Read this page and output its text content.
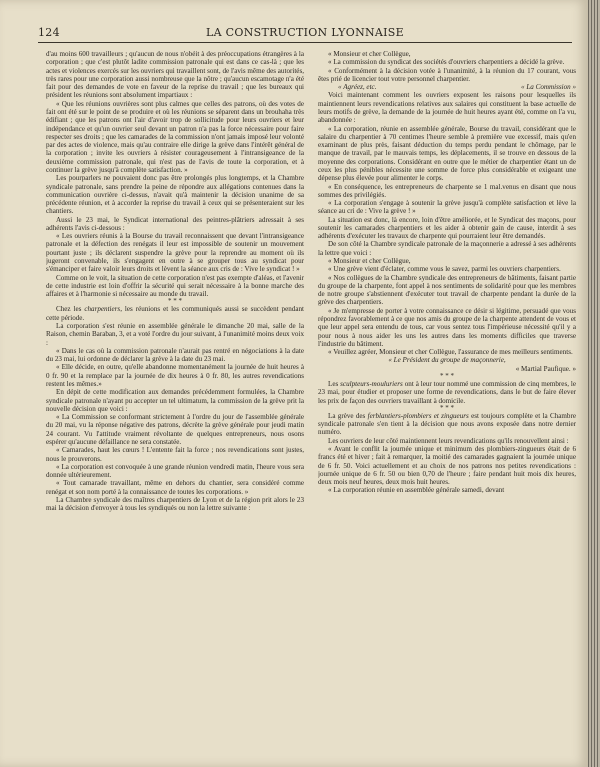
124	LA CONSTRUCTION LYONNAISE

d'au moins 600 travailleurs ; qu'aucun de nous n'obéit à des préoccupations étrangères à la corporation ; que c'est plutôt ladite commission patronale qui est dans ce cas-là ; que les actes et violences exercés sur les ouvriers qui travaillent sont, de l'avis même des autorités, très rares pour une corporation aussi nombreuse que la nôtre ; qu'aucun escamotage n'a été fait pour des demandes de vote en faveur de la reprise du travail ; que les bureaux qui président les réunions sont absolument impartiaux :

« Que les réunions ouvrières sont plus calmes que celles des patrons, où des votes de fait ont été sur le point de se produire et où les réunions se séparent dans un brouhaha très édifiant ; que les patrons ont l'air d'avoir trop de sollicitude pour leurs ouvriers et leur indépendance et qu'un ouvrier seul devant un patron n'a pas la force nécessaire pour faire respecter ses droits ; que les camarades de la commission n'ont jamais imposé leur volonté par des actes de violence, mais qu'au contraire elle dirige la grève dans l'intérêt général de la corporation ; invite les ouvriers à résister courageusement à l'intransigeance de la deuxième commission patronale, qui n'est pas de l'avis de toute la corporation, et à continuer la grève jusqu'à complète satisfaction. »

Les pourparlers ne pouvaient donc pas être prolongés plus longtemps, et la Chambre syndicale patronale, sans prendre la peine de répondre aux allégations contenues dans la communication ouvrière ci-dessus, n'avait qu'à maintenir la décision unanime de sa précédente réunion, et à accorder la reprise du travail à ceux qui se présenteraient sur les chantiers.

Aussi le 23 mai, le Syndicat international des peintres-plâtriers adressait à ses adhérents l'avis ci-dessous :

« Les ouvriers réunis à la Bourse du travail reconnaissent que devant l'intransigeance patronale et la défection des renégats il leur est impossible de soutenir un mouvement pourtant juste ; ils déclarent suspendre la grève pour la reprendre au moment où ils jugeront convenable, ils s'engagent en outre à se grouper tous au syndicat pour s'émanciper et faire valoir leurs droits et lèvent la séance aux cris de : Vive le syndicat ! »

Comme on le voit, la situation de cette corporation n'est pas exempte d'aléas, et l'avenir de cette industrie est loin d'offrir la sécurité qui serait nécessaire à la bonne marche des affaires et à l'harmonie si nécessaire au monde du travail.

* * *

Chez les charpentiers, les réunions et les communiqués aussi se succèdent pendant cette période.

La corporation s'est réunie en assemblée générale le dimanche 20 mai, salle de la Raison, chemin Baraban, 3, et a voté l'ordre du jour suivant, à l'unanimité moins deux voix :

« Dans le cas où la commission patronale n'aurait pas rentré en négociations à la date du 23 mai, lui ordonne de déclarer la grève à la date du 23 mai.

« Elle décide, en outre, qu'elle abandonne momentanément la journée de huit heures à 0 fr. 90 et la remplace par la journée de dix heures à 0 fr. 80, les autres revendications restent les mêmes.»

En dépit de cette modification aux demandes précédemment formulées, la Chambre syndicale patronale n'ayant pu accepter un tel ultimatum, la commission de la grève prit la nouvelle décision que voici :

« La Commission se conformant strictement à l'ordre du jour de l'assemblée générale du 20 mai, vu la réponse négative des patrons, décrète la grève générale pour jeudi matin 24 courant. Vu l'attitude vraiment révoltante de quelques entrepreneurs, nous osons espérer qu'aucune défaillance ne sera constatée.

« Camarades, haut les cœurs ! L'entente fait la force ; nos revendications sont justes, nous le prouverons.

« La corporation est convoquée à une grande réunion vendredi matin, l'heure vous sera donnée ultérieurement.

« Tout camarade travaillant, même en dehors du chantier, sera considéré comme renégat et son nom porté à la connaissance de toutes les corporations. »

La Chambre syndicale des maîtres charpentiers de Lyon et de la région prit alors le 23 mai la décision d'envoyer à tous les syndiqués ou non la lettre suivante :

« Monsieur et cher Collègue,

« La commission du syndicat des sociétés d'ouvriers charpentiers a décidé la grève.

« Conformément à la décision votée à l'unanimité, à la réunion du 17 courant, vous êtes prié de licencier tout votre personnel charpentier.

« Agréez, etc.	« La Commission »

Voici maintenant comment les ouvriers exposent les raisons pour lesquelles ils maintiennent leurs revendications relatives aux salaires qui constituent la base actuelle de leurs motifs de grève, la demande de la journée de huit heures ayant été, comme on l'a vu, abandonnée :

« La corporation, réunie en assemblée générale, Bourse du travail, considérant que le salaire du charpentier à 70 centimes l'heure semble à première vue excessif, mais qu'en examinant de plus près, faisant déduction du temps perdu pendant le chômage, par le manque de travail, par le mauvais temps, les déplacements, il se trouve en dessous de la moyenne des corporations. Considérant en outre que le métier de charpentier étant un de ceux les plus pénibles nécessite une somme de force plus considérable et exigeant une dépense plus élevée pour alimenter le corps.

« En conséquence, les entrepreneurs de charpente se 1 mal.venus en disant que nous sommes des privilégiés.

« La corporation s'engage à soutenir la grève jusqu'à complète satisfaction et lève la séance au cri de : Vive la grève ! »

La situation est donc, là encore, loin d'être améliorée, et le Syndicat des maçons, pour soutenir les camarades charpentiers et les aider à obtenir gain de cause, interdit à ses adhérents d'exécuter les travaux de charpente qui pourraient leur être demandés.

De son côté la Chambre syndicale patronale de la maçonnerie a adressé à ses adhérents la lettre que voici :

« Monsieur et cher Collègue,

« Une grève vient d'éclater, comme vous le savez, parmi les ouvriers charpentiers.

« Nos collègues de la Chambre syndicale des entrepreneurs de bâtiments, faisant partie du groupe de la charpente, font appel à nos sentiments de solidarité pour que les membres de notre groupe s'abstiennent d'exécuter tout travail de charpente pendant la durée de la grève des charpentiers.

« Je m'empresse de porter à votre connaissance ce désir si légitime, persuadé que vous répondrez favorablement à ce que nos amis du groupe de la charpente attendent de vous et que leur appel sera entendu de tous, car vous sentez tous l'impérieuse nécessité qu'il y a pour nous à nous aider les uns les autres dans les moments difficiles que traverse l'industrie du bâtiment.

« Veuillez agréer, Monsieur et cher Collègue, l'assurance de mes meilleurs sentiments.

« Le Président du groupe de maçonnerie,

« Martial Paufique. »

* * *

Les sculpteurs-mouluriers ont à leur tour nommé une commission de cinq membres, le 23 mai, pour étudier et proposer une forme de revendications, dans le but de faire élever les prix de façon des ouvriers travaillant à domicile.

* * *

La grève des ferblantiers-plombiers et zingueurs est toujours complète et la Chambre syndicale patronale s'en tient à la décision que nous avons exposée dans notre dernier numéro.

Les ouvriers de leur côté maintiennent leurs revendications qu'ils renouvellent ainsi :

« Avant le conflit la journée unique et minimum des plombiers-zingueurs était de 6 francs été et hiver ; fait à remarquer, la moitié des camarades gagnaient la journée unique de 6 fr. 50. Voici actuellement et au choix de nos patrons nos petites revendications : journée unique de 6 fr. 50 ou bien 0,70 de l'heure ; faire pendant huit mois dix heures, deux mois neuf heures, deux mois huit heures.

« La corporation réunie en assemblée générale samedi, devant
